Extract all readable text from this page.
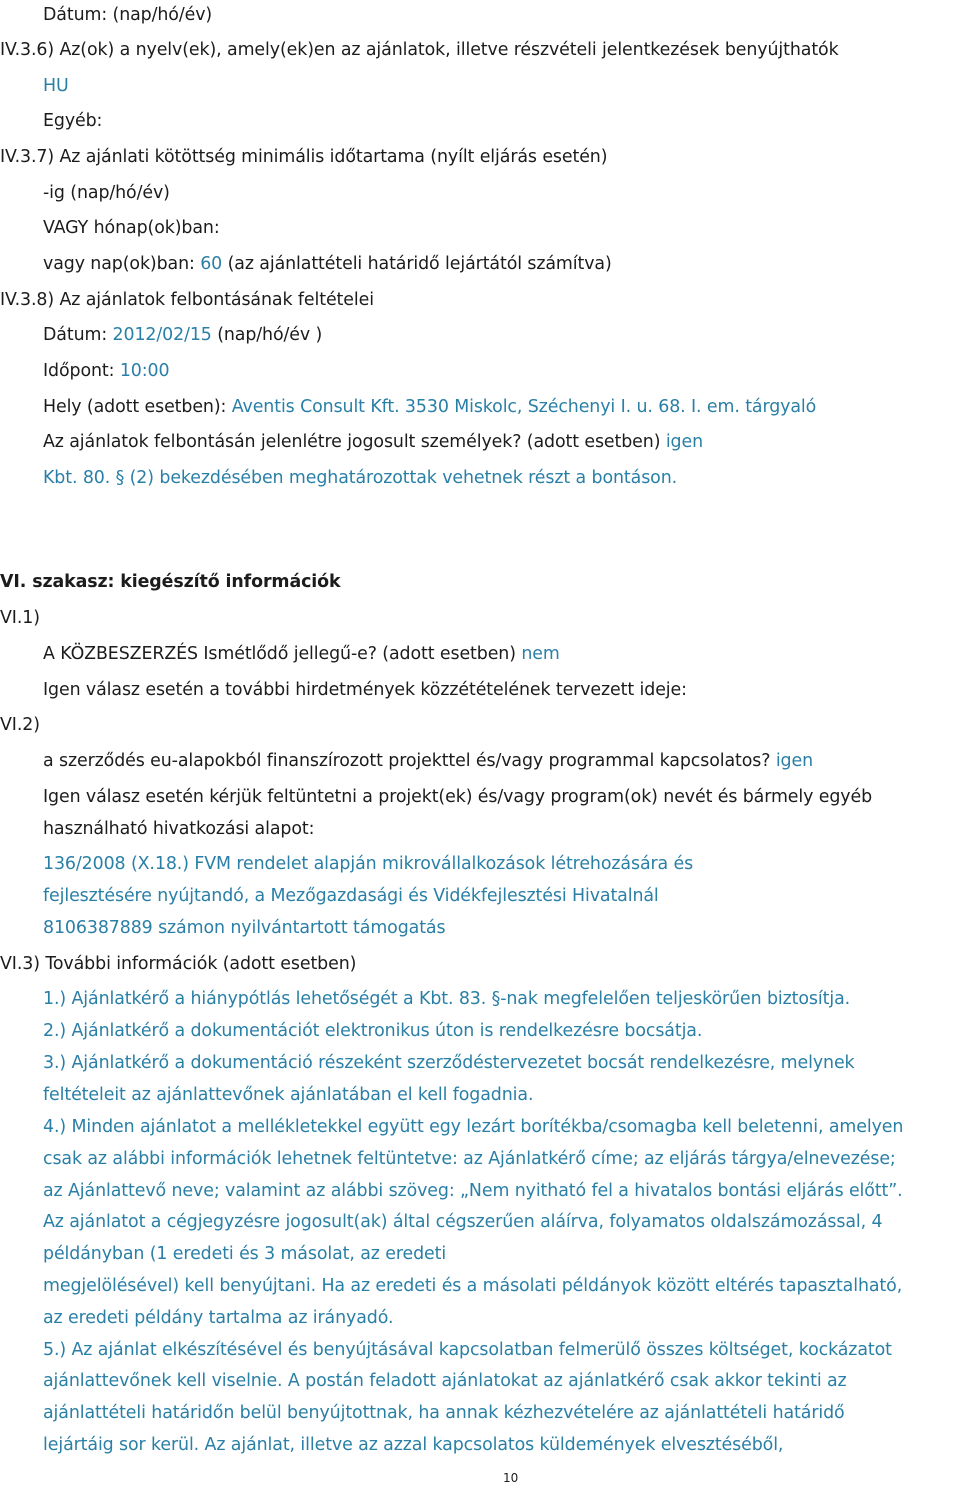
Dátum: (nap/hó/év)
IV.3.6) Az(ok) a nyelv(ek), amely(ek)en az ajánlatok, illetve részvételi jelentkezések benyújthatók
HU
Egyéb:
IV.3.7) Az ajánlati kötöttség minimális időtartama (nyílt eljárás esetén)
-ig (nap/hó/év)
VAGY hónap(ok)ban:
vagy nap(ok)ban: 60 (az ajánlattételi határidő lejártától számítva)
IV.3.8) Az ajánlatok felbontásának feltételei
Dátum: 2012/02/15 (nap/hó/év )
Időpont: 10:00
Hely (adott esetben): Aventis Consult Kft. 3530 Miskolc, Széchenyi I. u. 68. I. em. tárgyaló
Az ajánlatok felbontásán jelenlétre jogosult személyek? (adott esetben) igen
Kbt. 80. § (2) bekezdésében meghatározottak vehetnek részt a bontáson.
VI. szakasz: kiegészítő információk
VI.1)
A KÖZBESZERZÉS Ismétlődő jellegű-e? (adott esetben) nem
Igen válasz esetén a további hirdetmények közzétételének tervezett ideje:
VI.2)
a szerződés eu-alapokból finanszírozott projekttel és/vagy programmal kapcsolatos? igen
Igen válasz esetén kérjük feltüntetni a projekt(ek) és/vagy program(ok) nevét és bármely egyéb
használható hivatkozási alapot:
136/2008 (X.18.) FVM rendelet alapján mikrovállalkozások létrehozására és
fejlesztésére nyújtandó, a Mezőgazdasági és Vidékfejlesztési Hivatalnál
8106387889 számon nyilvántartott támogatás
VI.3) További információk (adott esetben)
1.) Ajánlatkérő a hiánypótlás lehetőségét a Kbt. 83. §-nak megfelelően teljeskörűen biztosítja.
2.) Ajánlatkérő a dokumentációt elektronikus úton is rendelkezésre bocsátja.
3.) Ajánlatkérő a dokumentáció részeként szerződéstervezetet bocsát rendelkezésre, melynek
feltételeit az ajánlattevőnek ajánlatában el kell fogadnia.
4.) Minden ajánlatot a mellékletekkel együtt egy lezárt borítékba/csomagba kell beletenni, amelyen
csak az alábbi információk lehetnek feltüntetve: az Ajánlatkérő címe; az eljárás tárgya/elnevezése;
az Ajánlattevő neve; valamint az alábbi szöveg: „Nem nyitható fel a hivatalos bontási eljárás előtt”.
Az ajánlatot a cégjegyzésre jogosult(ak) által cégszerűen aláírva, folyamatos oldalszámozással, 4
példányban (1 eredeti és 3 másolat, az eredeti
megjelölésével) kell benyújtani. Ha az eredeti és a másolati példányok között eltérés tapasztalható,
az eredeti példány tartalma az irányadó.
5.) Az ajánlat elkészítésével és benyújtásával kapcsolatban felmerülő összes költséget, kockázatot
ajánlattevőnek kell viselnie. A postán feladott ajánlatokat az ajánlatkérő csak akkor tekinti az
ajánlattételi határidőn belül benyújtottnak, ha annak kézhezvételére az ajánlattételi határidő
lejártáig sor kerül. Az ajánlat, illetve az azzal kapcsolatos küldemények elvesztéséből,
10
